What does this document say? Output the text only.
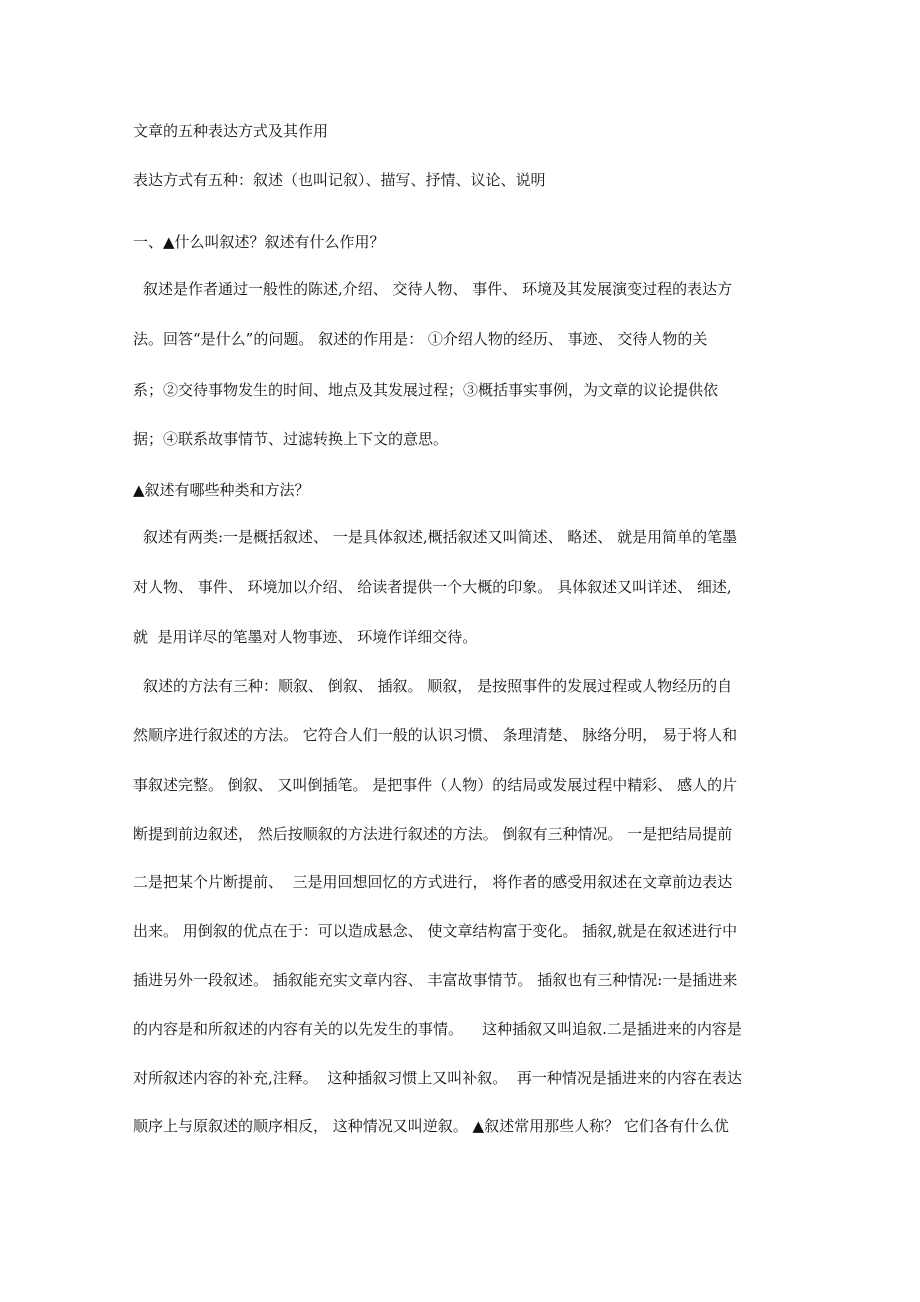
文章的五种表达方式及其作用
表达方式有五种：叙述（也叫记叙）、描写、抒情、议论、说明
一、▲什么叫叙述？叙述有什么作用？
叙述是作者通过一般性的陈述,介绍、 交待人物、 事件、 环境及其发展演变过程的表达方
法。回答“是什么”的问题。 叙述的作用是： ①介绍人物的经历、 事迹、 交待人物的关
系；②交待事物发生的时间、地点及其发展过程；③概括事实事例，为文章的议论提供依
据；④联系故事情节、过滤转换上下文的意思。
▲叙述有哪些种类和方法？
叙述有两类:一是概括叙述、 一是具体叙述,概括叙述又叫简述、 略述、 就是用简单的笔墨
对人物、 事件、 环境加以介绍、 给读者提供一个大概的印象。 具体叙述又叫详述、 细述,
就  是用详尽的笔墨对人物事迹、 环境作详细交待。
叙述的方法有三种：顺叙、 倒叙、 插叙。 顺叙， 是按照事件的发展过程或人物经历的自
然顺序进行叙述的方法。 它符合人们一般的认识习惯、 条理清楚、 脉络分明， 易于将人和
事叙述完整。 倒叙、 又叫倒插笔。 是把事件（人物）的结局或发展过程中精彩、 感人的片
断提到前边叙述， 然后按顺叙的方法进行叙述的方法。 倒叙有三种情况。 一是把结局提前
二是把某个片断提前、  三是用回想回忆的方式进行， 将作者的感受用叙述在文章前边表达
出来。 用倒叙的优点在于：可以造成悬念、 使文章结构富于变化。 插叙,就是在叙述进行中
插进另外一段叙述。 插叙能充实文章内容、 丰富故事情节。 插叙也有三种情况:一是插进来
的内容是和所叙述的内容有关的以先发生的事情。    这种插叙又叫追叙.二是插进来的内容是
对所叙述内容的补充,注释。  这种插叙习惯上又叫补叙。  再一种情况是插进来的内容在表达
顺序上与原叙述的顺序相反， 这种情况又叫逆叙。 ▲叙述常用那些人称？ 它们各有什么优
